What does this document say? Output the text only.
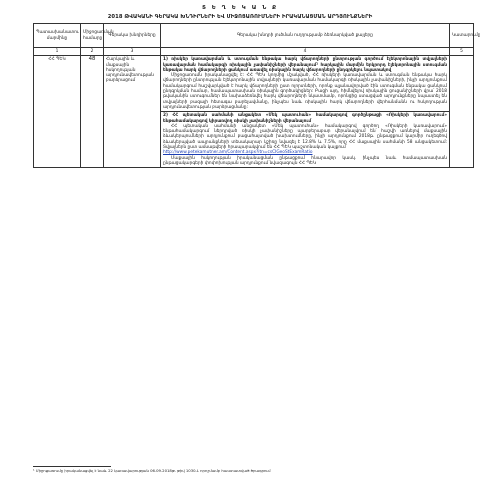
Տ Ե Ղ Ե Կ Ա Ն Ք
2018 ԹՎԱԿԱՆԻ ԳԵՐԱԿԱ ԽՆԴԻՐՆԵՐԻ ԵՎ ՄԻՋՈՑԱՌՈՒՄՆԵՐԻ ԻՐԱԿԱՆԱՑՄԱՆ ԱՐԴՅՈՒՆՔՆԵՐԻ
Պատասխանատու մարմինը	Միջոցառման համարը	Գերակա խնդիրները	Գերակա խնդրի լուծման ուղղությամբ ձեռնարկված քայլերը	Կատարումը
1	2	3	4	5
ՀՀ ՊԵԿ	48	Հարկային և մաքսային հսկողության արդյունավետության բարձրացում	1) ռիսկեր կառավարման և ստուգման ենթակա հարկ վճարողների ընտրության գործում էլեկտրոնային տվյալների կառավարման համակարգի ռիսկային չափանիշների վերանայում¹ հարկային մարմին երկրորդ էլեկտրոնային ստուգման ենթակա հարկ վճարողների ցանկում առավել ռիսկային հարկ վճարողների ընդգրկելու նպատակով

Միջոցառումն իրականացվել է: ՀՀ ՊԵԿ կողմից մշակված, ՀՀ ռիսկերի կառավարման և ստուգման ենթակա հարկ վճարողների ընտրության էլեկտրոնային տվյալների կառավարման համակարգի ռիսկային չափանիշների, ինչի արդյունքում համակարգում հաշվարկված է հարկ վճարողների ըստ ոլորտների, որոնք պլանավորված էին ստուգման ենթակա ցանկում ընդգրկման համար, համապատասխան ռիսկային գործակիցներ: Բացի այդ, հիմնվելով ռիսկային ցուցանիշների վրա՝ 2018 թվականին ստուգումներ են նախաձեռնվել հարկ վճարողների նկատմամբ, որոնցից ստացված արդյունքները նպաստել են տվյալների բազայի հետագա բարելավմանը, ինչպես նաև ռիսկային հարկ վճարողների վերհանմանն ու հսկողության արդյունավետության բարձրացմանը:	

			2) ՀՀ պետական սահմանի անցակետ «Մեկ պատուհան» համակարգով գործընթացի «Ռիսկերի կառավարում» ենթահամակարգով կիրառվող ռիսկի չափանիշների վերանայում

ՀՀ պետական սահմանի անցակետ «Մեկ պատուհան» համակարգով գործող «Ռիսկերի կառավարում» ենթահամակարգում ներդրված ռիսկի չափանիշները պարբերաբար վերանայվում են՝ հաշվի առնելով մաքսային ձևակերպումների արդյունքում բացահայտված խախտումները, ինչի արդյունքում 2018թ. ընթացքում կարմիր ուղեգծով ձևակերպված ապրանքների տեսակարար կշիռը նվազել է 12.8% և 7.5%, որը ՀՀ մաքսային սահմանի 58 անցակետում: Տվյալներն ըստ ամսաթվերի հրապարակվում են ՀՀ ՊԵԿ պաշտոնական կայքում՝

http://www.petekamutner.am/Content.aspx?itn=csCIGeoStExamRatio

Մաքսային հսկողության իրականացման ընթացքում հնարավոր կասկ. ինչպես նաև համապատասխան ընթացակարգերի փոփոխության արդյունքում նվազագույն ՀՀ ՊԵԿ	

¹ Միջոցառումը իրականացվել է նաև 22 կառավարության 06.09.2018թ. թիվ 1030-Լ որոշմամբ հաստատված ծրագրում
